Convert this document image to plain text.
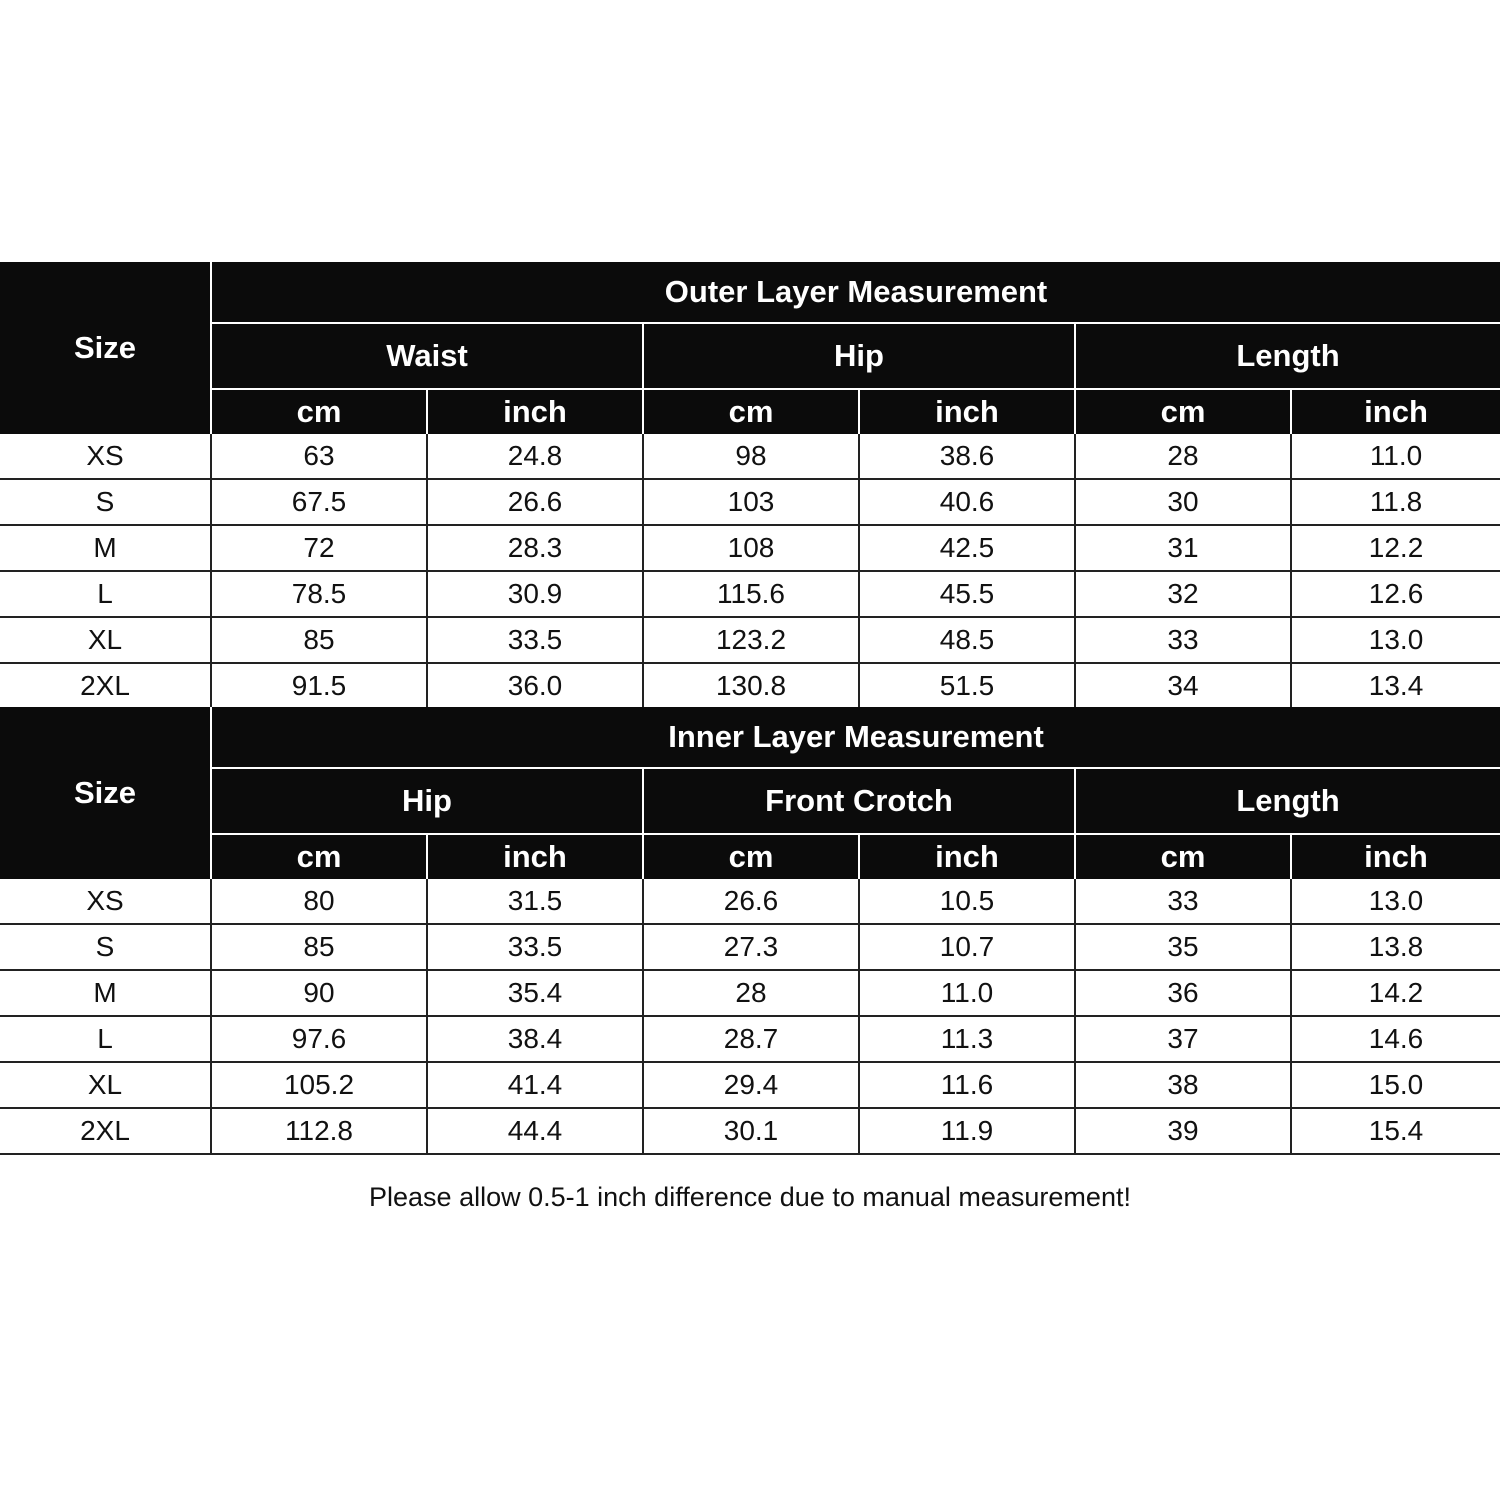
Size	Outer Layer Measurement					
	Waist		Hip		Length	
	cm	inch	cm	inch	cm	inch
XS	63	24.8	98	38.6	28	11.0
S	67.5	26.6	103	40.6	30	11.8
M	72	28.3	108	42.5	31	12.2
L	78.5	30.9	115.6	45.5	32	12.6
XL	85	33.5	123.2	48.5	33	13.0
2XL	91.5	36.0	130.8	51.5	34	13.4
Size	Inner Layer Measurement					
	Hip		Front Crotch		Length	
	cm	inch	cm	inch	cm	inch
XS	80	31.5	26.6	10.5	33	13.0
S	85	33.5	27.3	10.7	35	13.8
M	90	35.4	28	11.0	36	14.2
L	97.6	38.4	28.7	11.3	37	14.6
XL	105.2	41.4	29.4	11.6	38	15.0
2XL	112.8	44.4	30.1	11.9	39	15.4
Please allow 0.5-1 inch difference due to manual measurement!
